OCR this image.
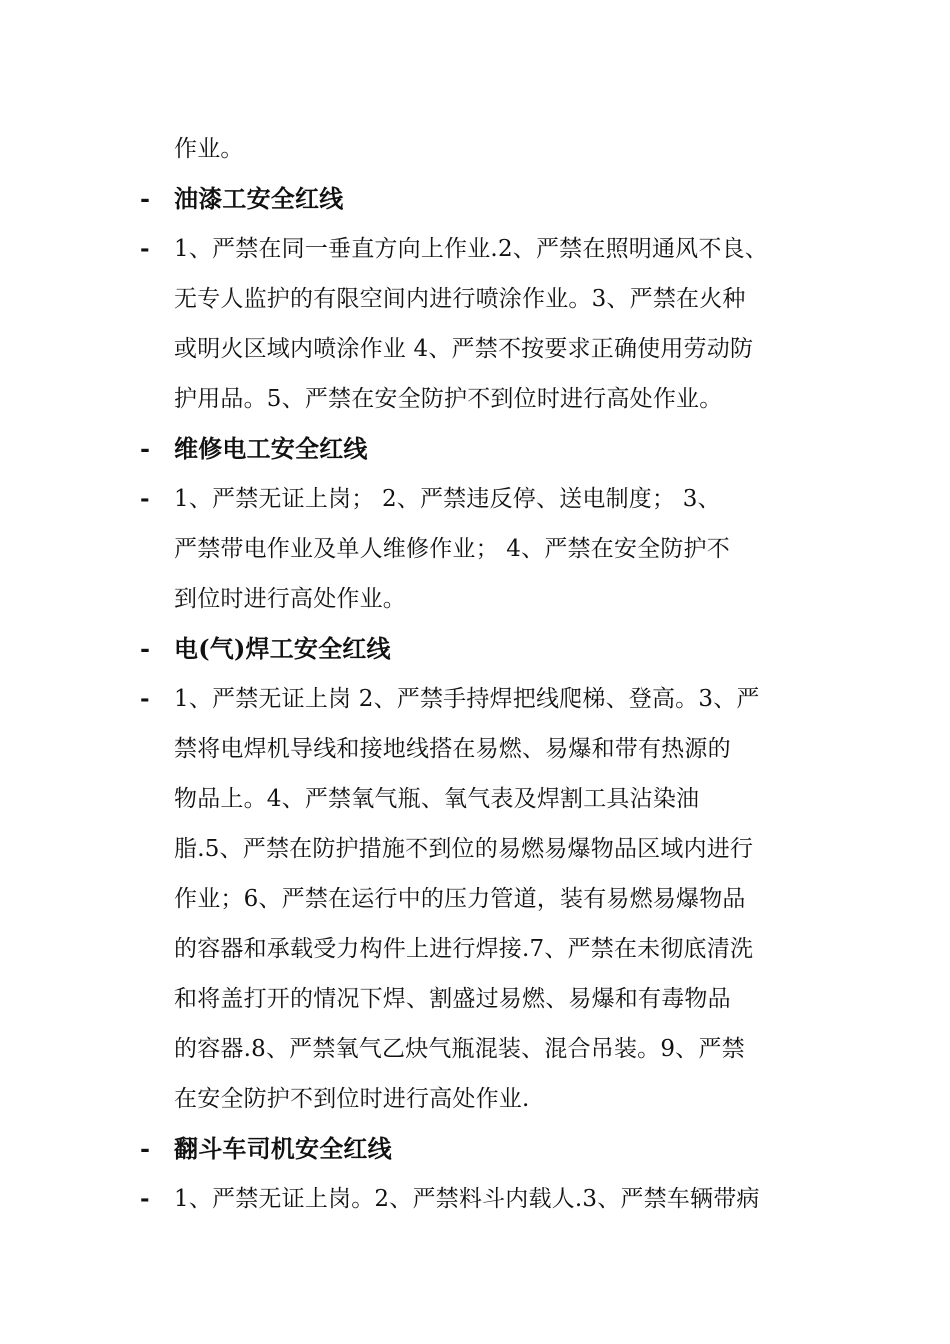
作业。
-	油漆工安全红线
-	1、严禁在同一垂直方向上作业.2、严禁在照明通风不良、
无专人监护的有限空间内进行喷涂作业。3、严禁在火种
或明火区域内喷涂作业 4、严禁不按要求正确使用劳动防
护用品。5、严禁在安全防护不到位时进行高处作业。
-	维修电工安全红线
-	1、严禁无证上岗； 2、严禁违反停、送电制度； 3、
严禁带电作业及单人维修作业； 4、严禁在安全防护不
到位时进行高处作业。
-	电(气)焊工安全红线
-	1、严禁无证上岗 2、严禁手持焊把线爬梯、登高。3、严
禁将电焊机导线和接地线搭在易燃、易爆和带有热源的
物品上。4、严禁氧气瓶、氧气表及焊割工具沾染油
脂.5、严禁在防护措施不到位的易燃易爆物品区域内进行
作业；6、严禁在运行中的压力管道，装有易燃易爆物品
的容器和承载受力构件上进行焊接.7、严禁在未彻底清洗
和将盖打开的情况下焊、割盛过易燃、易爆和有毒物品
的容器.8、严禁氧气乙炔气瓶混装、混合吊装。9、严禁
在安全防护不到位时进行高处作业.
-	翻斗车司机安全红线
-	1、严禁无证上岗。2、严禁料斗内载人.3、严禁车辆带病
